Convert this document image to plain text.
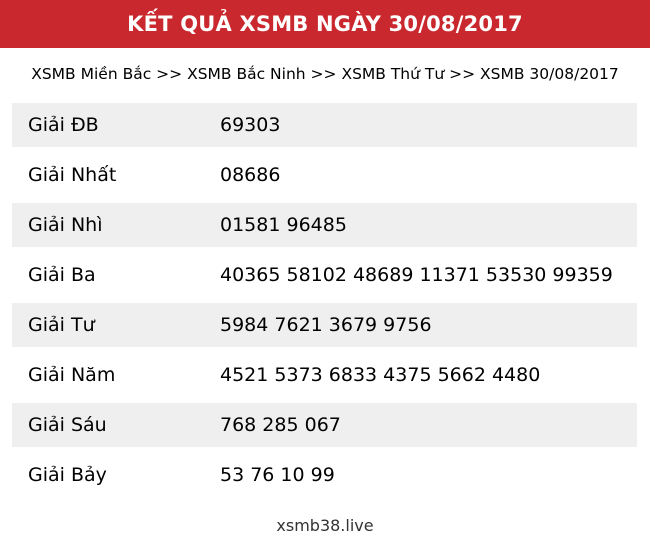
KẾT QUẢ XSMB NGÀY 30/08/2017
XSMB Miền Bắc >> XSMB Bắc Ninh >> XSMB Thứ Tư >> XSMB 30/08/2017
Giải ĐB	69303
Giải Nhất	08686
Giải Nhì	01581 96485
Giải Ba	40365 58102 48689 11371 53530 99359
Giải Tư	5984 7621 3679 9756
Giải Năm	4521 5373 6833 4375 5662 4480
Giải Sáu	768 285 067
Giải Bảy	53 76 10 99
xsmb38.live
